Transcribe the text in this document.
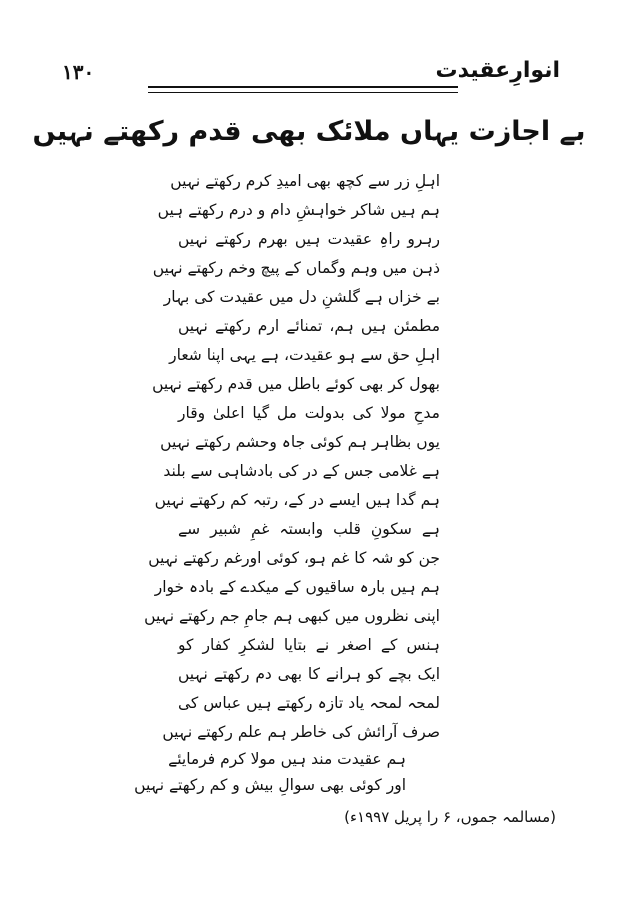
۱۳۰	انوارِعقیدت
بے اجازت یہاں ملائک بھی قدم رکھتے نہیں
اہلِ زر سے کچھ بھی امیدِ کرم رکھتے نہیں
ہم ہیں شاکر خواہشِ دام و درم رکھتے ہیں
رہرو راہِ عقیدت ہیں بھرم رکھتے نہیں
ذہن میں وہم وگماں کے پیچ وخم رکھتے نہیں
بے خزاں ہے گلشنِ دل میں عقیدت کی بہار
مطمئن ہیں ہم، تمنائے ارم رکھتے نہیں
اہلِ حق سے ہو عقیدت، ہے یہی اپنا شعار
بھول کر بھی کوئے باطل میں قدم رکھتے نہیں
مدحِ مولا کی بدولت مل گیا اعلیٰ وقار
یوں بظاہر ہم کوئی جاہ وحشم رکھتے نہیں
ہے غلامی جس کے در کی بادشاہی سے بلند
ہم گدا ہیں ایسے در کے، رتبہ کم رکھتے نہیں
ہے سکونِ قلب وابستہ غمِ شبیر سے
جن کو شہ کا غم ہو، کوئی اورغم رکھتے نہیں
ہم ہیں بارہ ساقیوں کے میکدے کے بادہ خوار
اپنی نظروں میں کبھی ہم جامِ جم رکھتے نہیں
ہنس کے اصغر نے بتایا لشکرِ کفار کو
ایک بچے کو ہرانے کا بھی دم رکھتے نہیں
لمحہ لمحہ یاد تازہ رکھتے ہیں عباس کی
صرف آرائش کی خاطر ہم علم رکھتے نہیں
ہم عقیدت مند ہیں مولا کرم فرمایئے
اور کوئی بھی سوالِ بیش و کم رکھتے نہیں
(مسالمہ جموں، ۶ را پریل ۱۹۹۷ء)
